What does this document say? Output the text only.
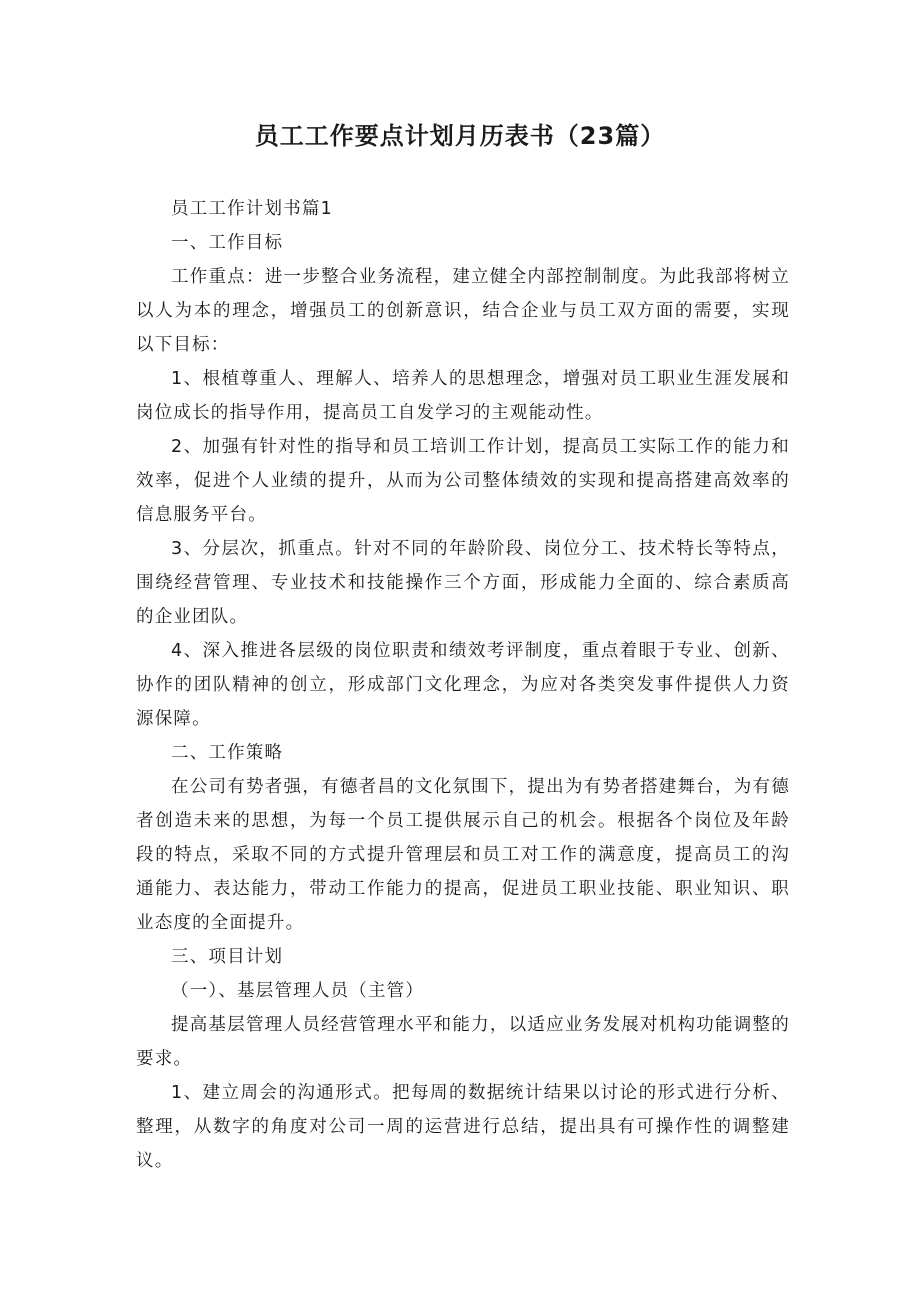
员工工作要点计划月历表书（23篇）

员工工作计划书篇1

一、工作目标

工作重点：进一步整合业务流程，建立健全内部控制制度。为此我部将树立以人为本的理念，增强员工的创新意识，结合企业与员工双方面的需要，实现以下目标：

1、根植尊重人、理解人、培养人的思想理念，增强对员工职业生涯发展和岗位成长的指导作用，提高员工自发学习的主观能动性。

2、加强有针对性的指导和员工培训工作计划，提高员工实际工作的能力和效率，促进个人业绩的提升，从而为公司整体绩效的实现和提高搭建高效率的信息服务平台。

3、分层次，抓重点。针对不同的年龄阶段、岗位分工、技术特长等特点，围绕经营管理、专业技术和技能操作三个方面，形成能力全面的、综合素质高的企业团队。

4、深入推进各层级的岗位职责和绩效考评制度，重点着眼于专业、创新、协作的团队精神的创立，形成部门文化理念，为应对各类突发事件提供人力资源保障。

二、工作策略

在公司有势者强，有德者昌的文化氛围下，提出为有势者搭建舞台，为有德者创造未来的思想，为每一个员工提供展示自己的机会。根据各个岗位及年龄段的特点，采取不同的方式提升管理层和员工对工作的满意度，提高员工的沟通能力、表达能力，带动工作能力的提高，促进员工职业技能、职业知识、职业态度的全面提升。

三、项目计划

（一）、基层管理人员（主管）

提高基层管理人员经营管理水平和能力，以适应业务发展对机构功能调整的要求。

1、建立周会的沟通形式。把每周的数据统计结果以讨论的形式进行分析、整理，从数字的角度对公司一周的运营进行总结，提出具有可操作性的调整建议。
